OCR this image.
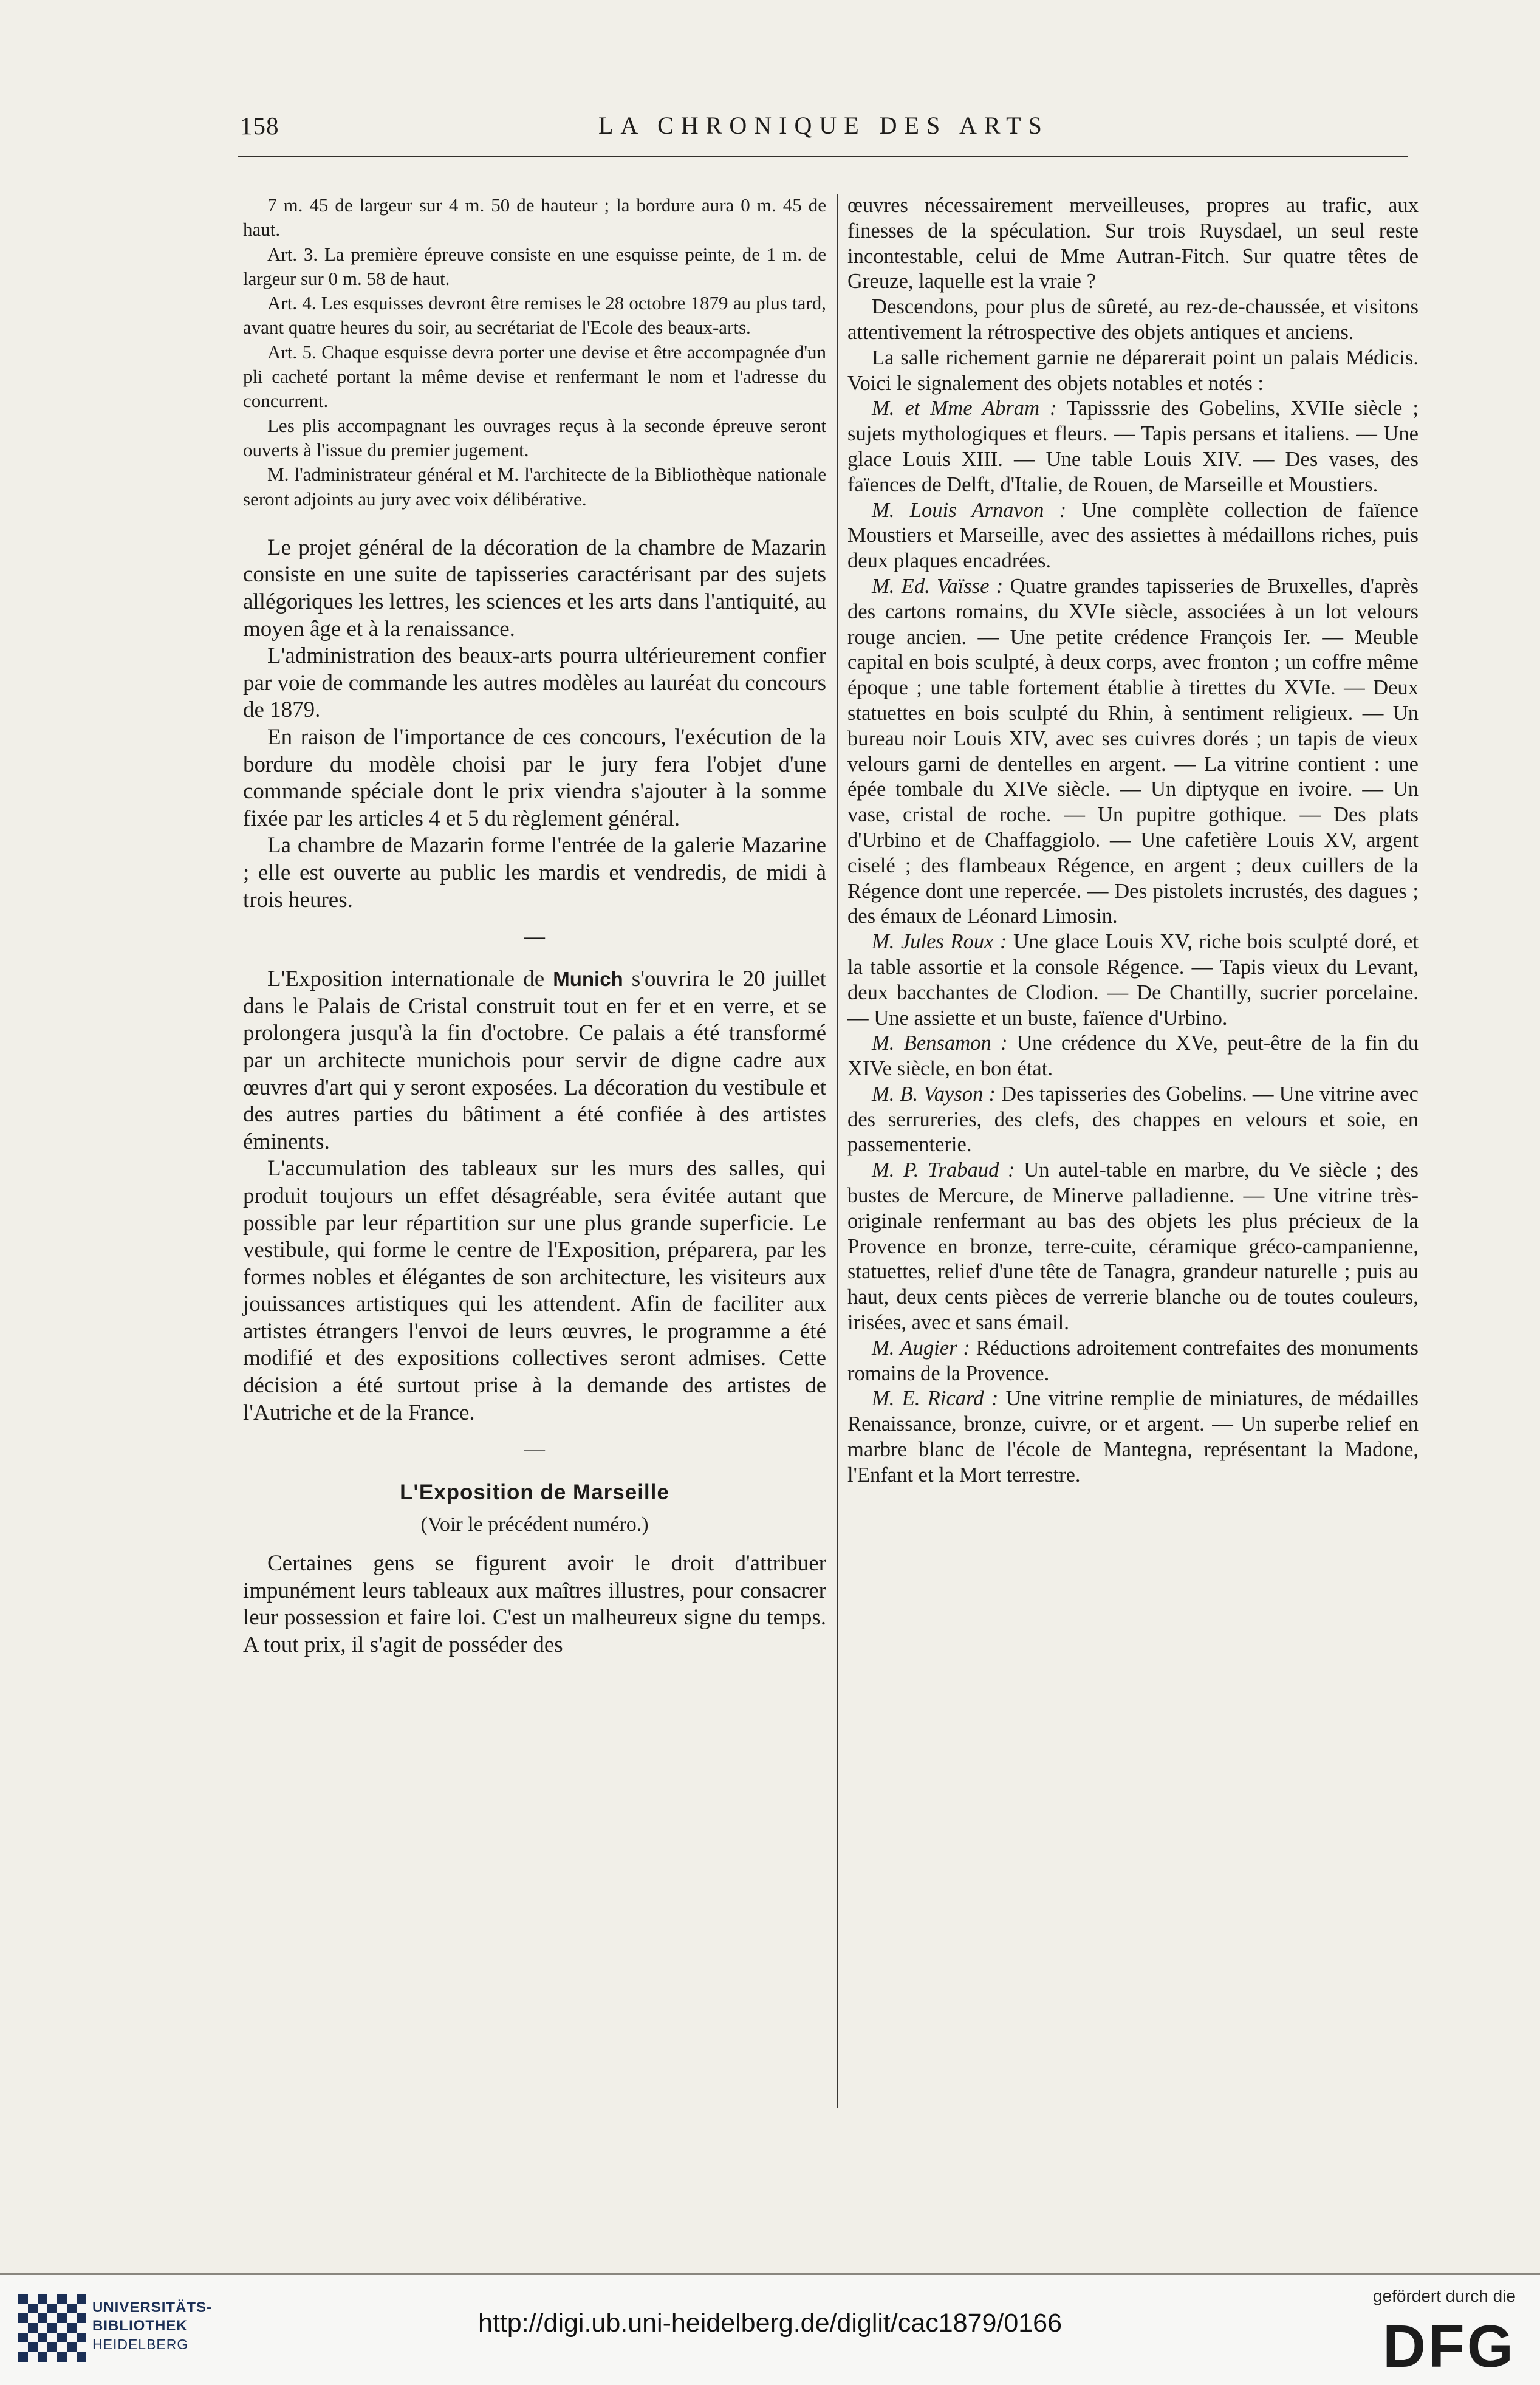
158	LA CHRONIQUE DES ARTS

7 m. 45 de largeur sur 4 m. 50 de hauteur ; la bordure aura 0 m. 45 de haut.

Art. 3. La première épreuve consiste en une esquisse peinte, de 1 m. de largeur sur 0 m. 58 de haut.

Art. 4. Les esquisses devront être remises le 28 octobre 1879 au plus tard, avant quatre heures du soir, au secrétariat de l'Ecole des beaux-arts.

Art. 5. Chaque esquisse devra porter une devise et être accompagnée d'un pli cacheté portant la même devise et renfermant le nom et l'adresse du concurrent.

Les plis accompagnant les ouvrages reçus à la seconde épreuve seront ouverts à l'issue du premier jugement.

M. l'administrateur général et M. l'architecte de la Bibliothèque nationale seront adjoints au jury avec voix délibérative.

Le projet général de la décoration de la chambre de Mazarin consiste en une suite de tapisseries caractérisant par des sujets allégoriques les lettres, les sciences et les arts dans l'antiquité, au moyen âge et à la renaissance.

L'administration des beaux-arts pourra ultérieurement confier par voie de commande les autres modèles au lauréat du concours de 1879.

En raison de l'importance de ces concours, l'exécution de la bordure du modèle choisi par le jury fera l'objet d'une commande spéciale dont le prix viendra s'ajouter à la somme fixée par les articles 4 et 5 du règlement général.

La chambre de Mazarin forme l'entrée de la galerie Mazarine ; elle est ouverte au public les mardis et vendredis, de midi à trois heures.

—

L'Exposition internationale de Munich s'ouvrira le 20 juillet dans le Palais de Cristal construit tout en fer et en verre, et se prolongera jusqu'à la fin d'octobre. Ce palais a été transformé par un architecte munichois pour servir de digne cadre aux œuvres d'art qui y seront exposées. La décoration du vestibule et des autres parties du bâtiment a été confiée à des artistes éminents.

L'accumulation des tableaux sur les murs des salles, qui produit toujours un effet désagréable, sera évitée autant que possible par leur répartition sur une plus grande superficie. Le vestibule, qui forme le centre de l'Exposition, préparera, par les formes nobles et élégantes de son architecture, les visiteurs aux jouissances artistiques qui les attendent. Afin de faciliter aux artistes étrangers l'envoi de leurs œuvres, le programme a été modifié et des expositions collectives seront admises. Cette décision a été surtout prise à la demande des artistes de l'Autriche et de la France.

—
L'Exposition de Marseille
(Voir le précédent numéro.)

Certaines gens se figurent avoir le droit d'attribuer impunément leurs tableaux aux maîtres illustres, pour consacrer leur possession et faire loi. C'est un malheureux signe du temps. A tout prix, il s'agit de posséder des

œuvres nécessairement merveilleuses, propres au trafic, aux finesses de la spéculation. Sur trois Ruysdael, un seul reste incontestable, celui de Mme Autran-Fitch. Sur quatre têtes de Greuze, laquelle est la vraie ?

Descendons, pour plus de sûreté, au rez-de-chaussée, et visitons attentivement la rétrospective des objets antiques et anciens.

La salle richement garnie ne déparerait point un palais Médicis. Voici le signalement des objets notables et notés :

M. et Mme Abram : Tapisssrie des Gobelins, XVIIe siècle ; sujets mythologiques et fleurs. — Tapis persans et italiens. — Une glace Louis XIII. — Une table Louis XIV. — Des vases, des faïences de Delft, d'Italie, de Rouen, de Marseille et Moustiers.

M. Louis Arnavon : Une complète collection de faïence Moustiers et Marseille, avec des assiettes à médaillons riches, puis deux plaques encadrées.

M. Ed. Vaïsse : Quatre grandes tapisseries de Bruxelles, d'après des cartons romains, du XVIe siècle, associées à un lot velours rouge ancien. — Une petite crédence François Ier. — Meuble capital en bois sculpté, à deux corps, avec fronton ; un coffre même époque ; une table fortement établie à tirettes du XVIe. — Deux statuettes en bois sculpté du Rhin, à sentiment religieux. — Un bureau noir Louis XIV, avec ses cuivres dorés ; un tapis de vieux velours garni de dentelles en argent. — La vitrine contient : une épée tombale du XIVe siècle. — Un diptyque en ivoire. — Un vase, cristal de roche. — Un pupitre gothique. — Des plats d'Urbino et de Chaffaggiolo. — Une cafetière Louis XV, argent ciselé ; des flambeaux Régence, en argent ; deux cuillers de la Régence dont une repercée. — Des pistolets incrustés, des dagues ; des émaux de Léonard Limosin.

M. Jules Roux : Une glace Louis XV, riche bois sculpté doré, et la table assortie et la console Régence. — Tapis vieux du Levant, deux bacchantes de Clodion. — De Chantilly, sucrier porcelaine. — Une assiette et un buste, faïence d'Urbino.

M. Bensamon : Une crédence du XVe, peut-être de la fin du XIVe siècle, en bon état.

M. B. Vayson : Des tapisseries des Gobelins. — Une vitrine avec des serrureries, des clefs, des chappes en velours et soie, en passementerie.

M. P. Trabaud : Un autel-table en marbre, du Ve siècle ; des bustes de Mercure, de Minerve palladienne. — Une vitrine très-originale renfermant au bas des objets les plus précieux de la Provence en bronze, terre-cuite, céramique gréco-campanienne, statuettes, relief d'une tête de Tanagra, grandeur naturelle ; puis au haut, deux cents pièces de verrerie blanche ou de toutes couleurs, irisées, avec et sans émail.

M. Augier : Réductions adroitement contrefaites des monuments romains de la Provence.

M. E. Ricard : Une vitrine remplie de miniatures, de médailles Renaissance, bronze, cuivre, or et argent. — Un superbe relief en marbre blanc de l'école de Mantegna, représentant la Madone, l'Enfant et la Mort terrestre.

UNIVERSITÄTS-
BIBLIOTHEK
HEIDELBERG
http://digi.ub.uni-heidelberg.de/diglit/cac1879/0166
gefördert durch die
DFG
